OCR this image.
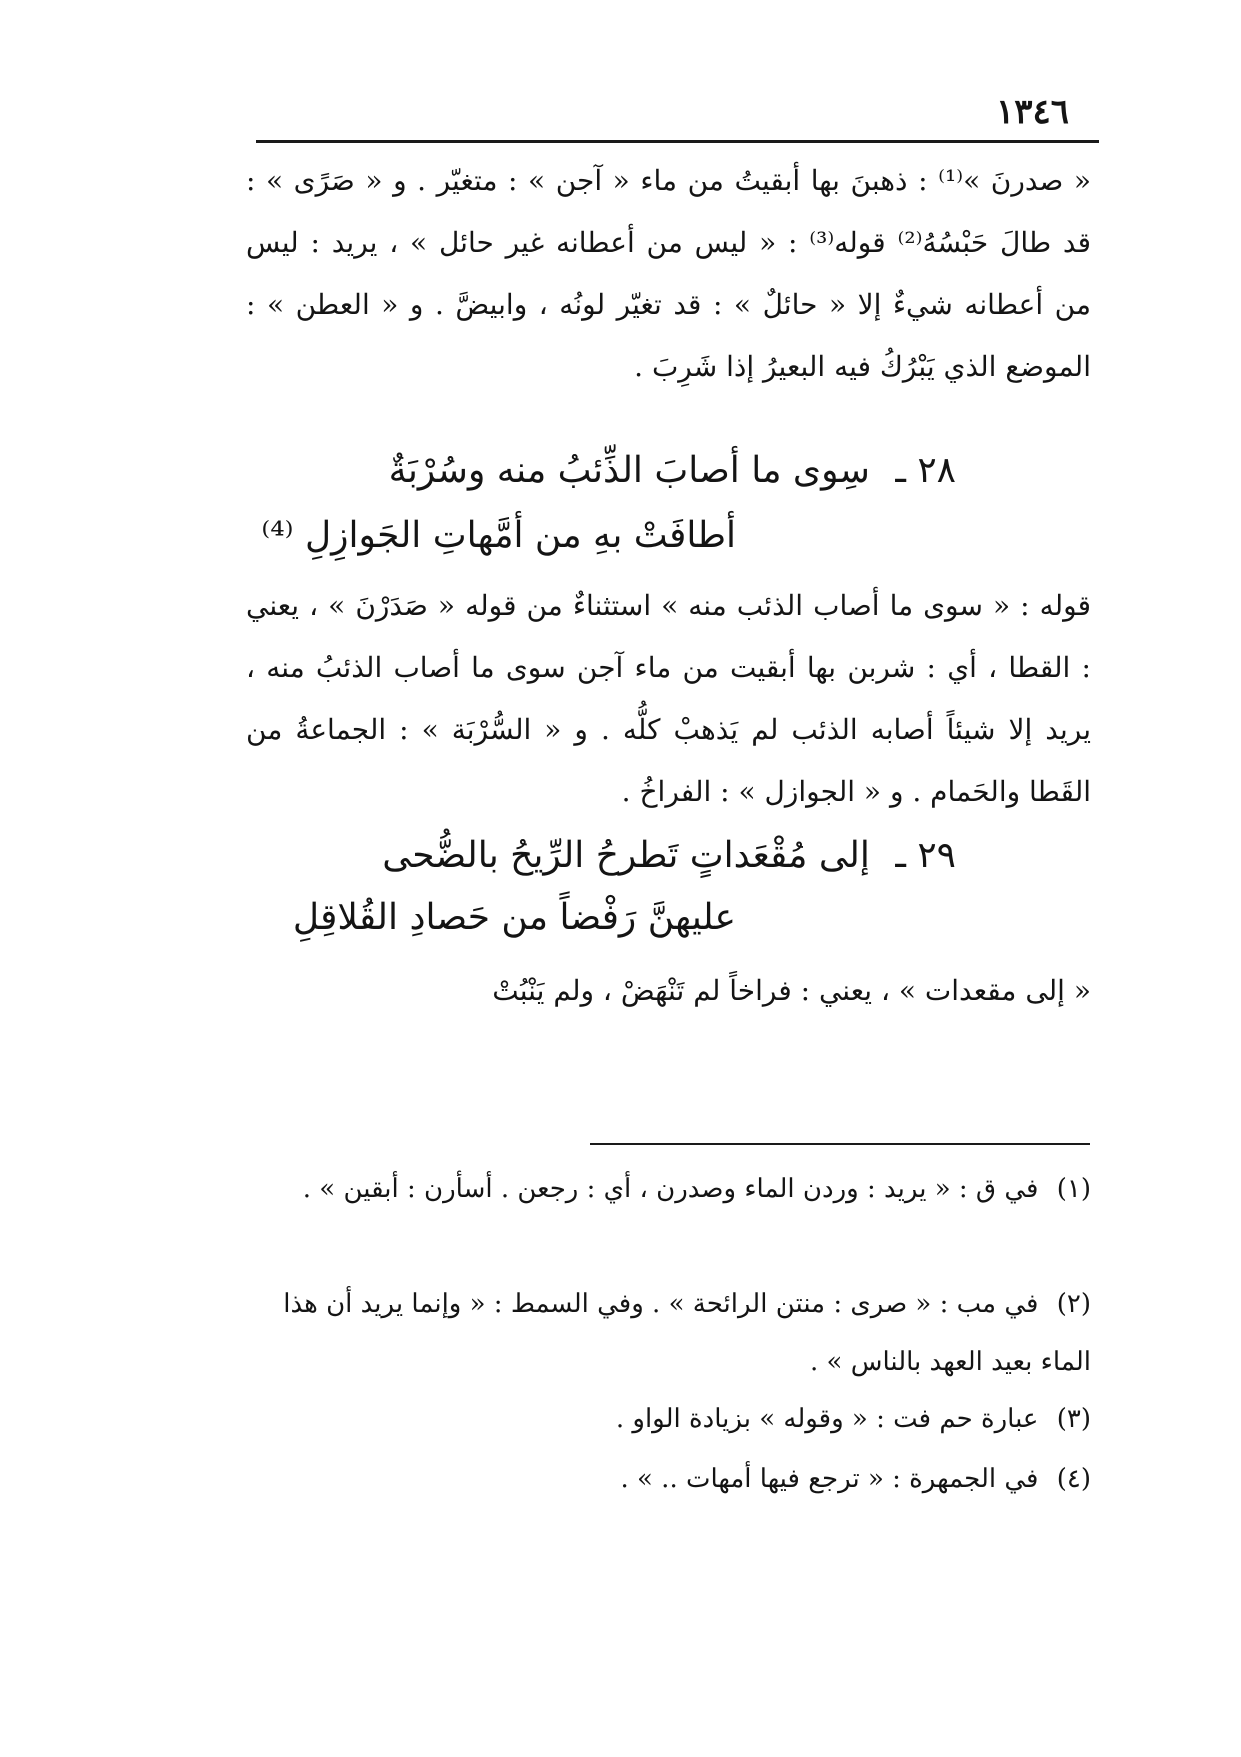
١٣٤٦

« صدرنَ »⁽¹⁾ : ذهبنَ بها أبقيتُ من ماء « آجن » : متغيّر . و « صَرًى » : قد طالَ حَبْسُهُ⁽²⁾ قوله⁽³⁾ : « ليس من أعطانه غير حائل » ، يريد : ليس من أعطانه شيءٌ إلا « حائلٌ » : قد تغيّر لونُه ، وابيضَّ . و « العطن » : الموضع الذي يَبْرُكُ فيه البعيرُ إذا شَرِبَ .

٢٨ ـ سِوى ما أصابَ الذِّئبُ منه وسُرْبَةٌ
أطافَتْ بهِ من أمَّهاتِ الجَوازِلِ ⁽⁴⁾

قوله : « سوى ما أصاب الذئب منه » استثناءٌ من قوله « صَدَرْنَ » ، يعني : القطا ، أي : شربن بها أبقيت من ماء آجن سوى ما أصاب الذئبُ منه ، يريد إلا شيئاً أصابه الذئب لم يَذهبْ كلُّه . و « السُّرْبَة » : الجماعةُ من القَطا والحَمام . و « الجوازل » : الفراخُ .

٢٩ ـ إلى مُقْعَداتٍ تَطرحُ الرِّيحُ بالضُّحى
عليهنَّ رَفْضاً من حَصادِ القُلاقِلِ

« إلى مقعدات » ، يعني : فراخاً لم تَنْهَضْ ، ولم يَنْبُتْ

(١) في ق : « يريد : وردن الماء وصدرن ، أي : رجعن . أسأرن : أبقين » .

(٢) في مب : « صرى : منتن الرائحة » . وفي السمط : « وإنما يريد أن هذا الماء بعيد العهد بالناس » .

(٣) عبارة حم فت : « وقوله » بزيادة الواو .

(٤) في الجمهرة : « ترجع فيها أمهات .. » .
